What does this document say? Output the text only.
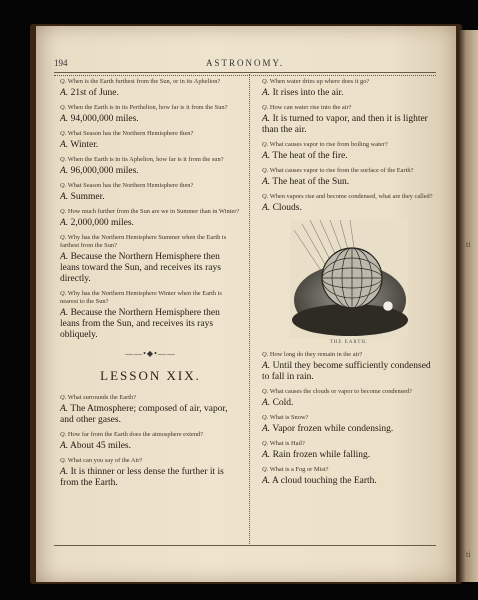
ti
ti
194	ASTRONOMY.

Q. When is the Earth furthest from the Sun, or in its Aphelion?

A. 21st of June.

Q. When the Earth is in its Perihelion, how far is it from the Sun?

A. 94,000,000 miles.

Q. What Season has the Northern Hemisphere then?

A. Winter.

Q. When the Earth is in its Aphelion, how far is it from the sun?

A. 96,000,000 miles.

Q. What Season has the Northern Hemisphere then?

A. Summer.

Q. How much further from the Sun are we in Summer than in Winter?

A. 2,000,000 miles.

Q. Why has the Northern Hemisphere Summer when the Earth is farthest from the Sun?

A. Because the Northern Hemisphere then leans toward the Sun, and receives its rays directly.

Q. Why has the Northern Hemisphere Winter when the Earth is nearest to the Sun?

A. Because the Northern Hemisphere then leans from the Sun, and receives its rays obliquely.

——•◆•——
LESSON XIX.

Q. What surrounds the Earth?

A. The Atmosphere; composed of air, vapor, and other gases.

Q. How far from the Earth does the atmosphere extend?

A. About 45 miles.

Q. What can you say of the Air?

A. It is thinner or less dense the further it is from the Earth.

Q. When water dries up where does it go?

A. It rises into the air.

Q. How can water rise into the air?

A. It is turned to vapor, and then it is lighter than the air.

Q. What causes vapor to rise from boiling water?

A. The heat of the fire.

Q. What causes vapor to rise from the surface of the Earth?

A. The heat of the Sun.

Q. When vapors rise and become condensed, what are they called?

A. Clouds.

THE EARTH.

Q. How long do they remain in the air?

A. Until they become sufficiently condensed to fall in rain.

Q. What causes the clouds or vapor to become condensed?

A. Cold.

Q. What is Snow?

A. Vapor frozen while condensing.

Q. What is Hail?

A. Rain frozen while falling.

Q. What is a Fog or Mist?

A. A cloud touching the Earth.
